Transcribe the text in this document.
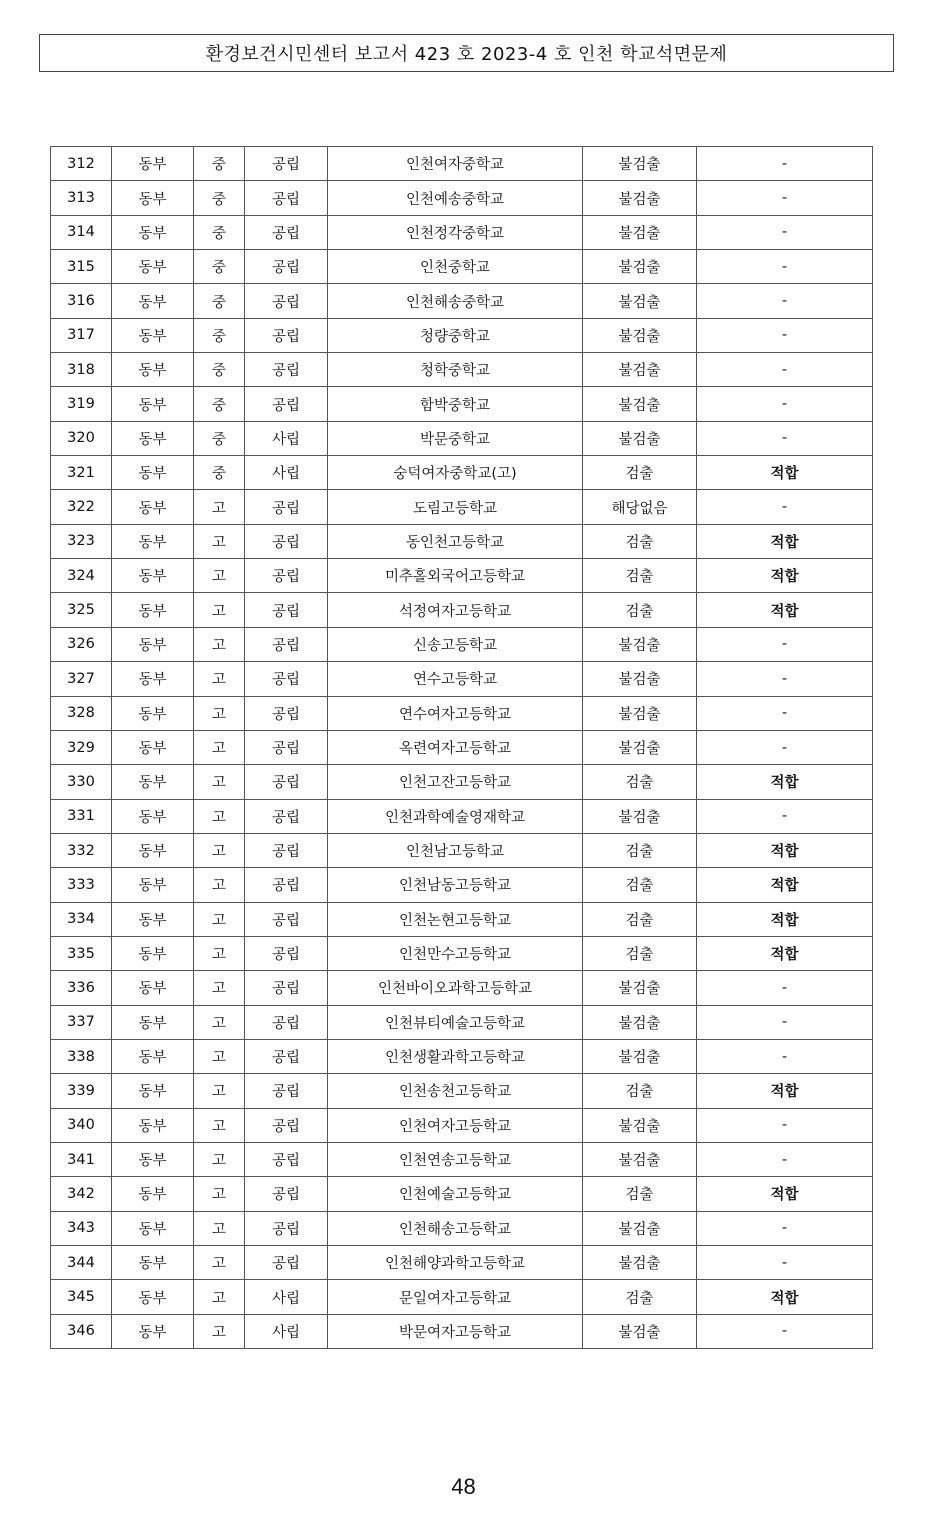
환경보건시민센터 보고서 423 호 2023-4 호 인천 학교석면문제
312	동부	중	공립	인천여자중학교	불검출	-
313	동부	중	공립	인천예송중학교	불검출	-
314	동부	중	공립	인천정각중학교	불검출	-
315	동부	중	공립	인천중학교	불검출	-
316	동부	중	공립	인천해송중학교	불검출	-
317	동부	중	공립	청량중학교	불검출	-
318	동부	중	공립	청학중학교	불검출	-
319	동부	중	공립	함박중학교	불검출	-
320	동부	중	사립	박문중학교	불검출	-
321	동부	중	사립	숭덕여자중학교(고)	검출	적합
322	동부	고	공립	도림고등학교	해당없음	-
323	동부	고	공립	동인천고등학교	검출	적합
324	동부	고	공립	미추홀외국어고등학교	검출	적합
325	동부	고	공립	석정여자고등학교	검출	적합
326	동부	고	공립	신송고등학교	불검출	-
327	동부	고	공립	연수고등학교	불검출	-
328	동부	고	공립	연수여자고등학교	불검출	-
329	동부	고	공립	옥련여자고등학교	불검출	-
330	동부	고	공립	인천고잔고등학교	검출	적합
331	동부	고	공립	인천과학예술영재학교	불검출	-
332	동부	고	공립	인천남고등학교	검출	적합
333	동부	고	공립	인천남동고등학교	검출	적합
334	동부	고	공립	인천논현고등학교	검출	적합
335	동부	고	공립	인천만수고등학교	검출	적합
336	동부	고	공립	인천바이오과학고등학교	불검출	-
337	동부	고	공립	인천뷰티예술고등학교	불검출	-
338	동부	고	공립	인천생활과학고등학교	불검출	-
339	동부	고	공립	인천송천고등학교	검출	적합
340	동부	고	공립	인천여자고등학교	불검출	-
341	동부	고	공립	인천연송고등학교	불검출	-
342	동부	고	공립	인천예술고등학교	검출	적합
343	동부	고	공립	인천해송고등학교	불검출	-
344	동부	고	공립	인천해양과학고등학교	불검출	-
345	동부	고	사립	문일여자고등학교	검출	적합
346	동부	고	사립	박문여자고등학교	불검출	-
48
